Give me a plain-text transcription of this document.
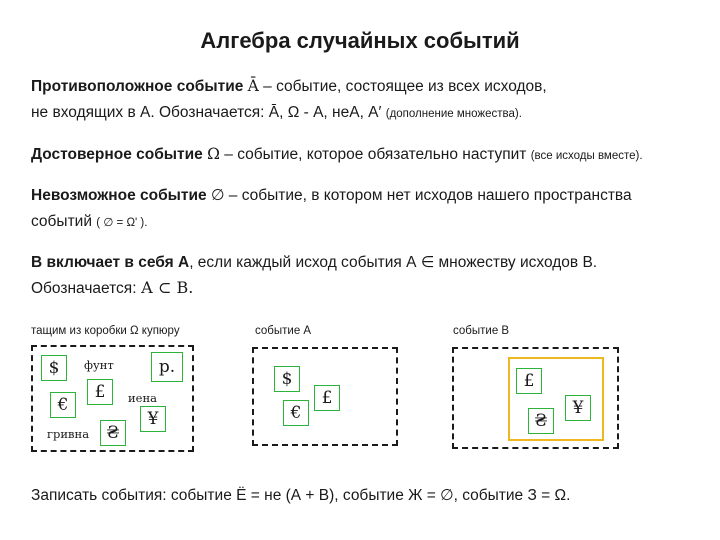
Алгебра случайных событий
Противоположное событие Ā – событие, состоящее из всех исходов,
не входящих в А. Обозначается: Ā, Ω - А, неА, А′ (дополнение множества).
Достоверное событие Ω – событие, которое обязательно наступит (все исходы вместе).
Невозможное событие ∅ – событие, в котором нет исходов нашего пространства
событий ( ∅ = Ω' ).
В включает в себя А, если каждый исход события А ∈ множеству исходов В.
Обозначается: А ⊂ В.
тащим из коробки Ω купюру	событие А	событие В
$ фунт	р.
€
£ иена
¥
гривна ₴
$
£
€
£
¥
₴
Записать события: событие Ё = не (А + В), событие Ж = ∅, событие З = Ω.
